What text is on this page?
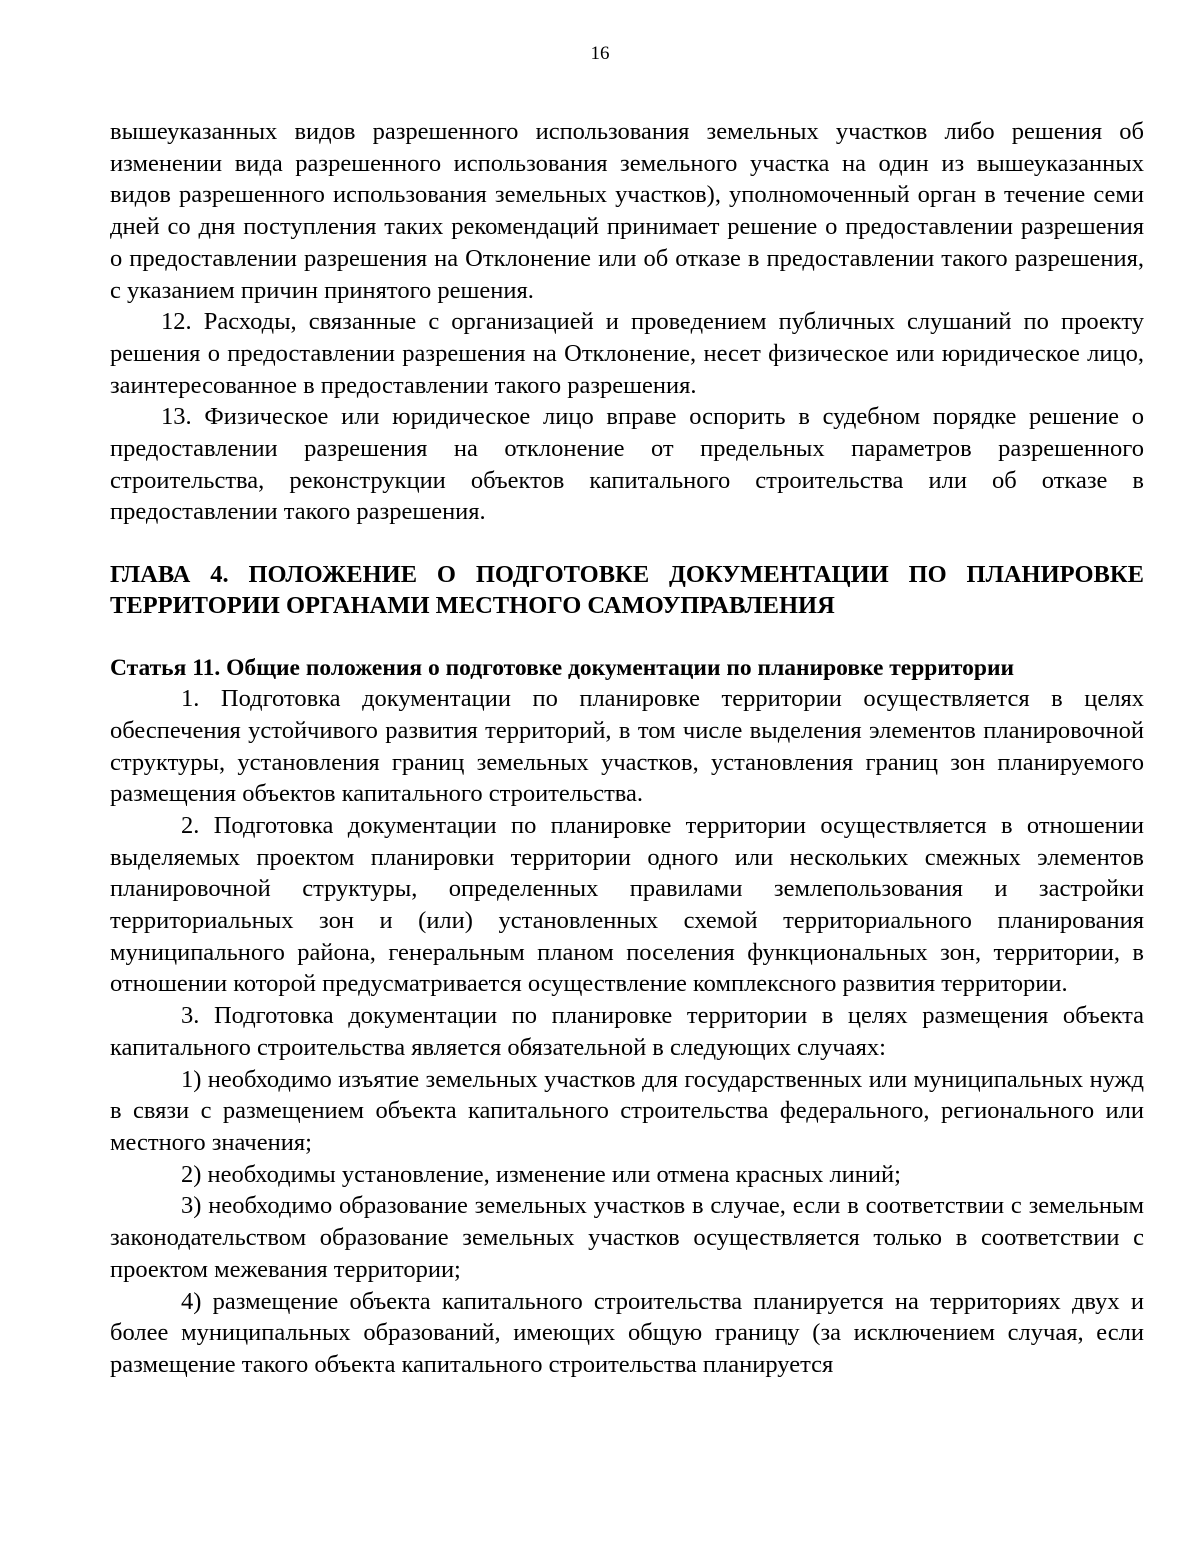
16

вышеуказанных видов разрешенного использования земельных участков либо решения об изменении вида разрешенного использования земельного участка на один из вышеуказанных видов разрешенного использования земельных участков), уполномоченный орган в течение семи дней со дня поступления таких рекомендаций принимает решение о предоставлении разрешения о предоставлении разрешения на Отклонение или об отказе в предоставлении такого разрешения, с указанием причин принятого решения.

12. Расходы, связанные с организацией и проведением публичных слушаний по проекту решения о предоставлении разрешения на Отклонение, несет физическое или юридическое лицо, заинтересованное в предоставлении такого разрешения.

13. Физическое или юридическое лицо вправе оспорить в судебном порядке решение о предоставлении разрешения на отклонение от предельных параметров разрешенного строительства, реконструкции объектов капитального строительства или об отказе в предоставлении такого разрешения.

ГЛАВА 4. ПОЛОЖЕНИЕ О ПОДГОТОВКЕ ДОКУМЕНТАЦИИ ПО ПЛАНИРОВКЕ ТЕРРИТОРИИ ОРГАНАМИ МЕСТНОГО САМОУПРАВЛЕНИЯ
Статья 11. Общие положения о подготовке документации по планировке территории

1. Подготовка документации по планировке территории осуществляется в целях обеспечения устойчивого развития территорий, в том числе выделения элементов планировочной структуры, установления границ земельных участков, установления границ зон планируемого размещения объектов капитального строительства.

2. Подготовка документации по планировке территории осуществляется в отношении выделяемых проектом планировки территории одного или нескольких смежных элементов планировочной структуры, определенных правилами землепользования и застройки территориальных зон и (или) установленных схемой территориального планирования муниципального района, генеральным планом поселения функциональных зон, территории, в отношении которой предусматривается осуществление комплексного развития территории.

3. Подготовка документации по планировке территории в целях размещения объекта капитального строительства является обязательной в следующих случаях:

1) необходимо изъятие земельных участков для государственных или муниципальных нужд в связи с размещением объекта капитального строительства федерального, регионального или местного значения;

2) необходимы установление, изменение или отмена красных линий;

3) необходимо образование земельных участков в случае, если в соответствии с земельным законодательством образование земельных участков осуществляется только в соответствии с проектом межевания территории;

4) размещение объекта капитального строительства планируется на территориях двух и более муниципальных образований, имеющих общую границу (за исключением случая, если размещение такого объекта капитального строительства планируется
